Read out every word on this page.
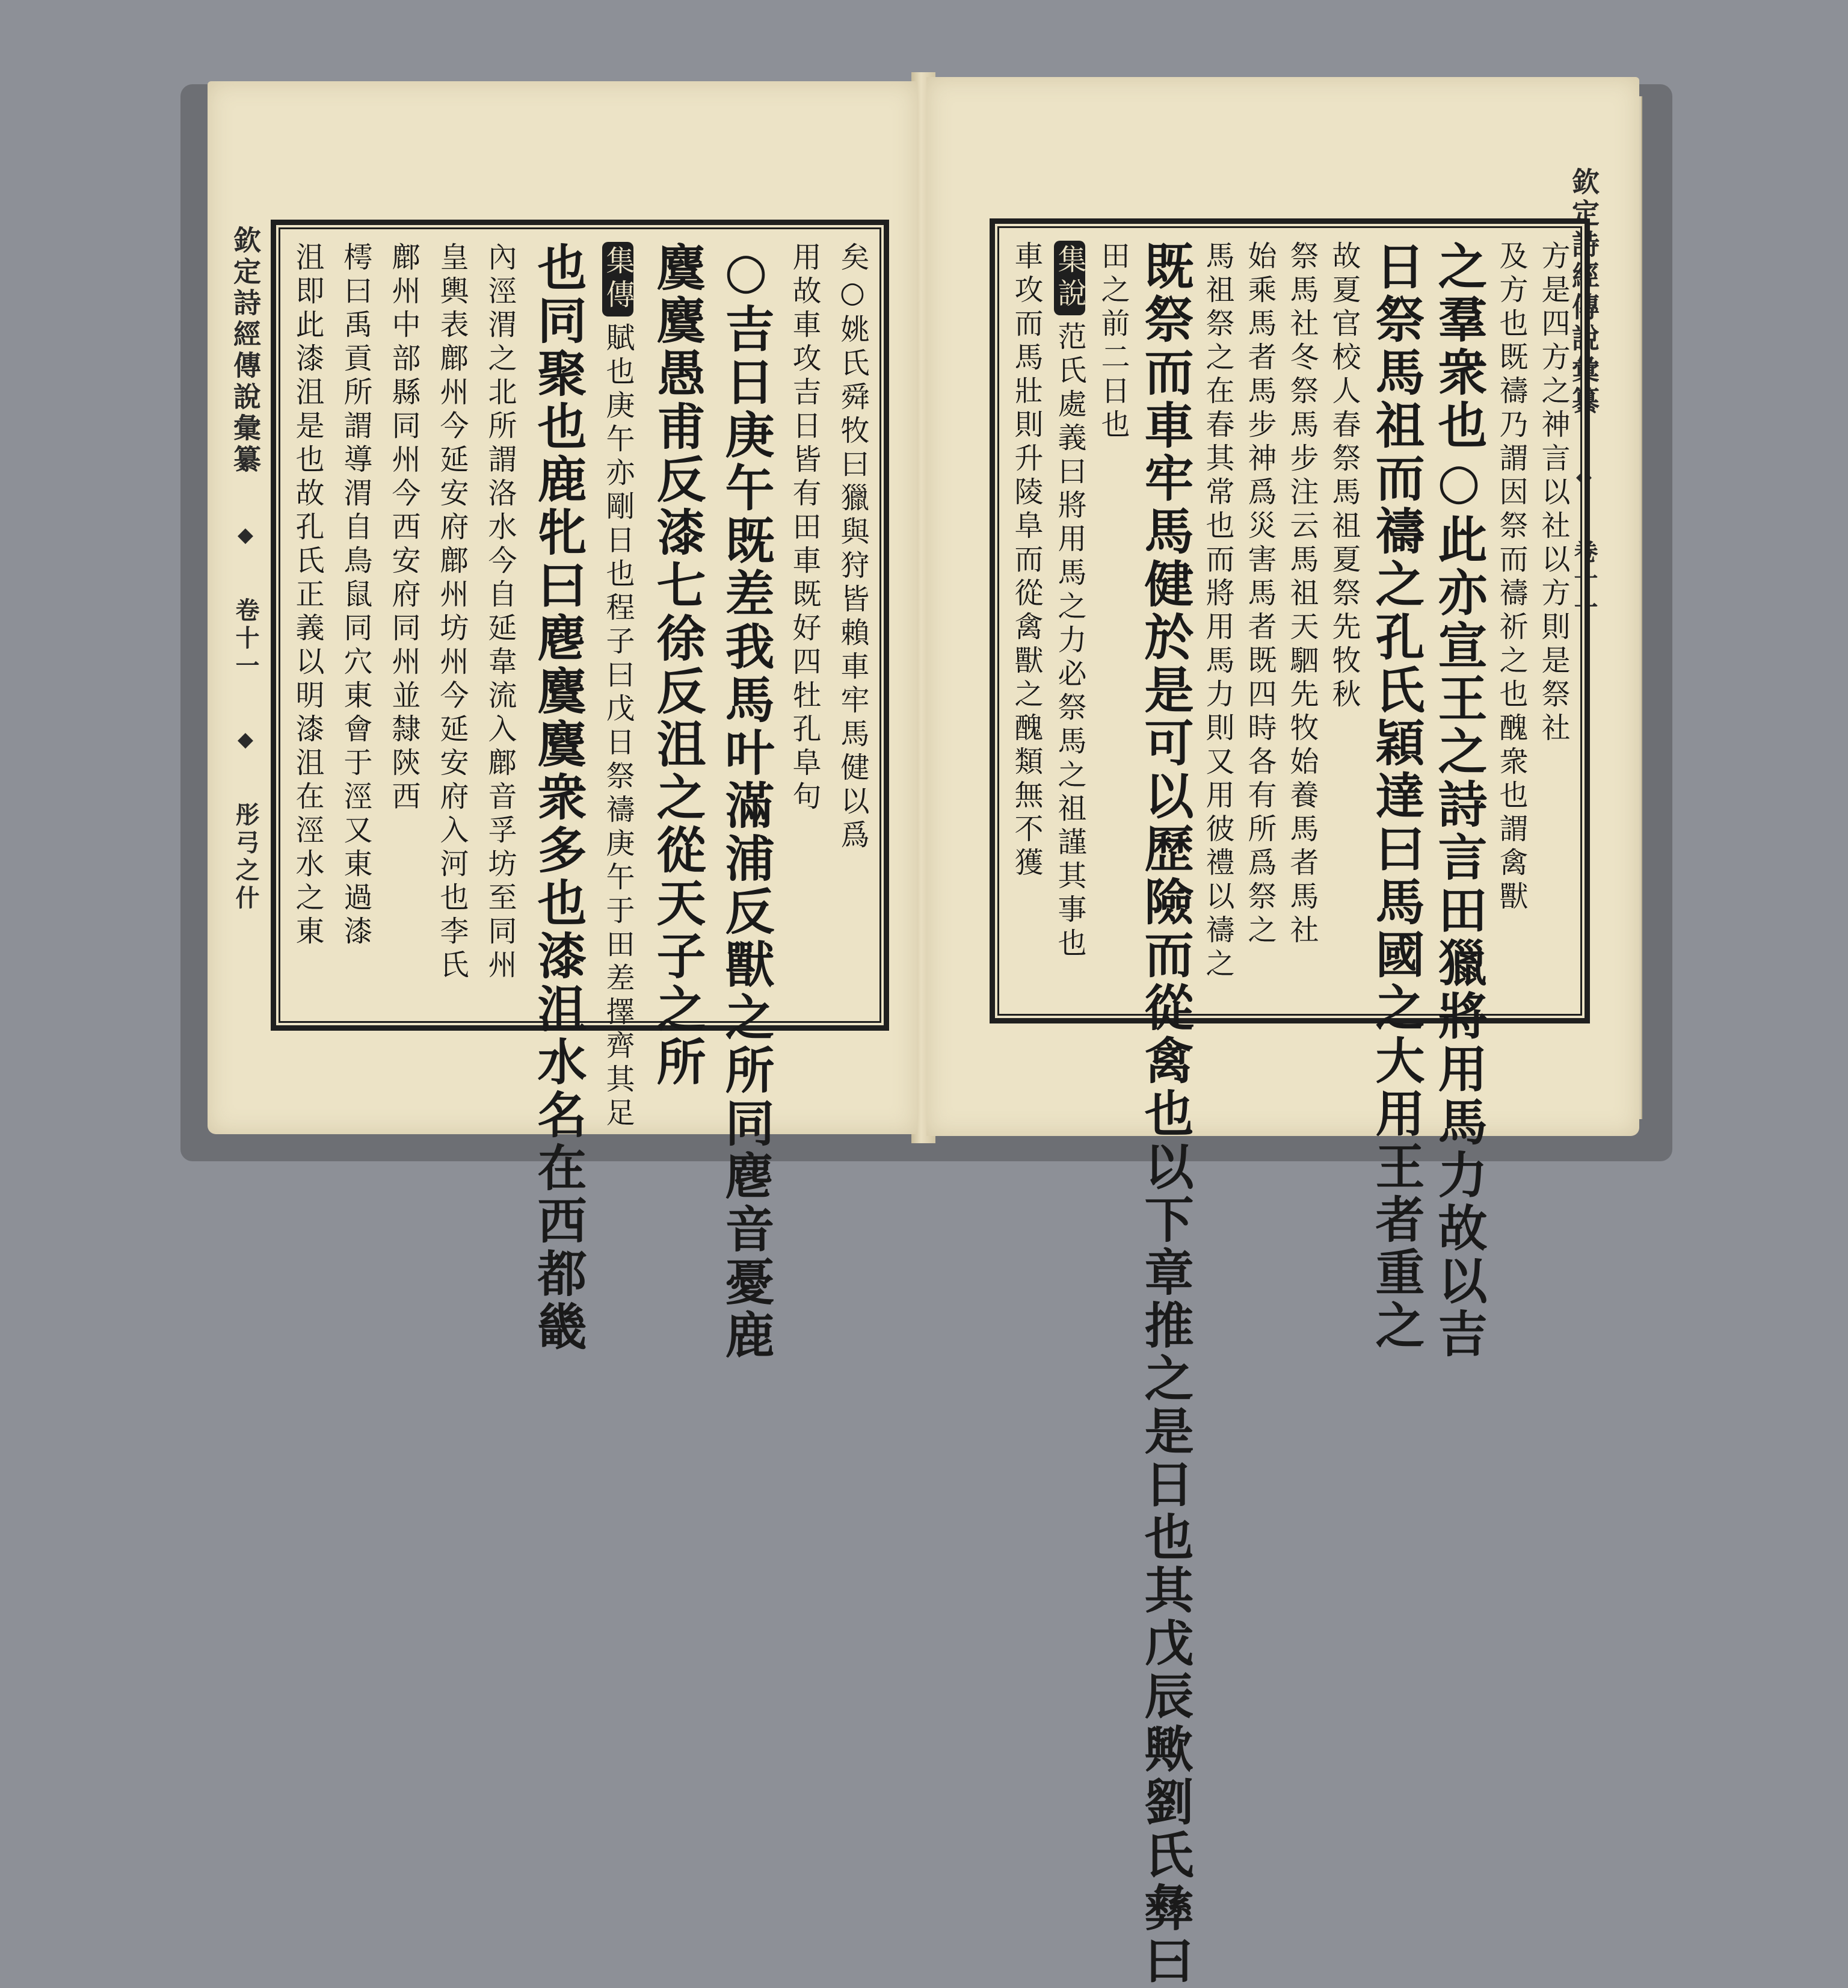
欽定詩經傳說彙纂 ◆ 卷十一 ◆ 彤弓之什
矣○姚氏舜牧曰獵與狩皆賴車牢馬健以爲
用故車攻吉日皆有田車既好四牡孔阜句
○吉日庚午既差我馬叶滿浦反獸之所同麀音憂鹿
麌麌愚甫反漆七徐反沮之從天子之所
集傳賦也庚午亦剛日也程子曰戊日祭禱庚午于田差擇齊其足
也同聚也鹿牝曰麀麌麌衆多也漆沮水名在西都畿
內涇渭之北所謂洛水今自延韋流入鄜音孚坊至同州
皇輿表鄜州今延安府鄜州坊州今延安府入河也李氏
鄜州中部縣同州今西安府同州並隸陝西
樗曰禹貢所謂導渭自鳥鼠同穴東會于涇又東過漆
沮即此漆沮是也故孔氏正義以明漆沮在涇水之東	欽定詩經傳說彙纂 ◆ 卷十一
方是四方之神言以社以方則是祭社
及方也既禱乃謂因祭而禱祈之也醜衆也謂禽獸
之羣衆也○此亦宣王之詩言田獵將用馬力故以吉
日祭馬祖而禱之孔氏穎達曰馬國之大用王者重之
故夏官校人春祭馬祖夏祭先牧秋
祭馬社冬祭馬步注云馬祖天駟先牧始養馬者馬社
始乘馬者馬步神爲災害馬者既四時各有所爲祭之
馬祖祭之在春其常也而將用馬力則又用彼禮以禱之
既祭而車牢馬健於是可以歷險而從禽也以下章推之是日也其戊辰歟劉氏彝曰
田之前二日也
集說范氏處義曰將用馬之力必祭馬之祖謹其事也
車攻而馬壯則升陵阜而從禽獸之醜類無不獲
